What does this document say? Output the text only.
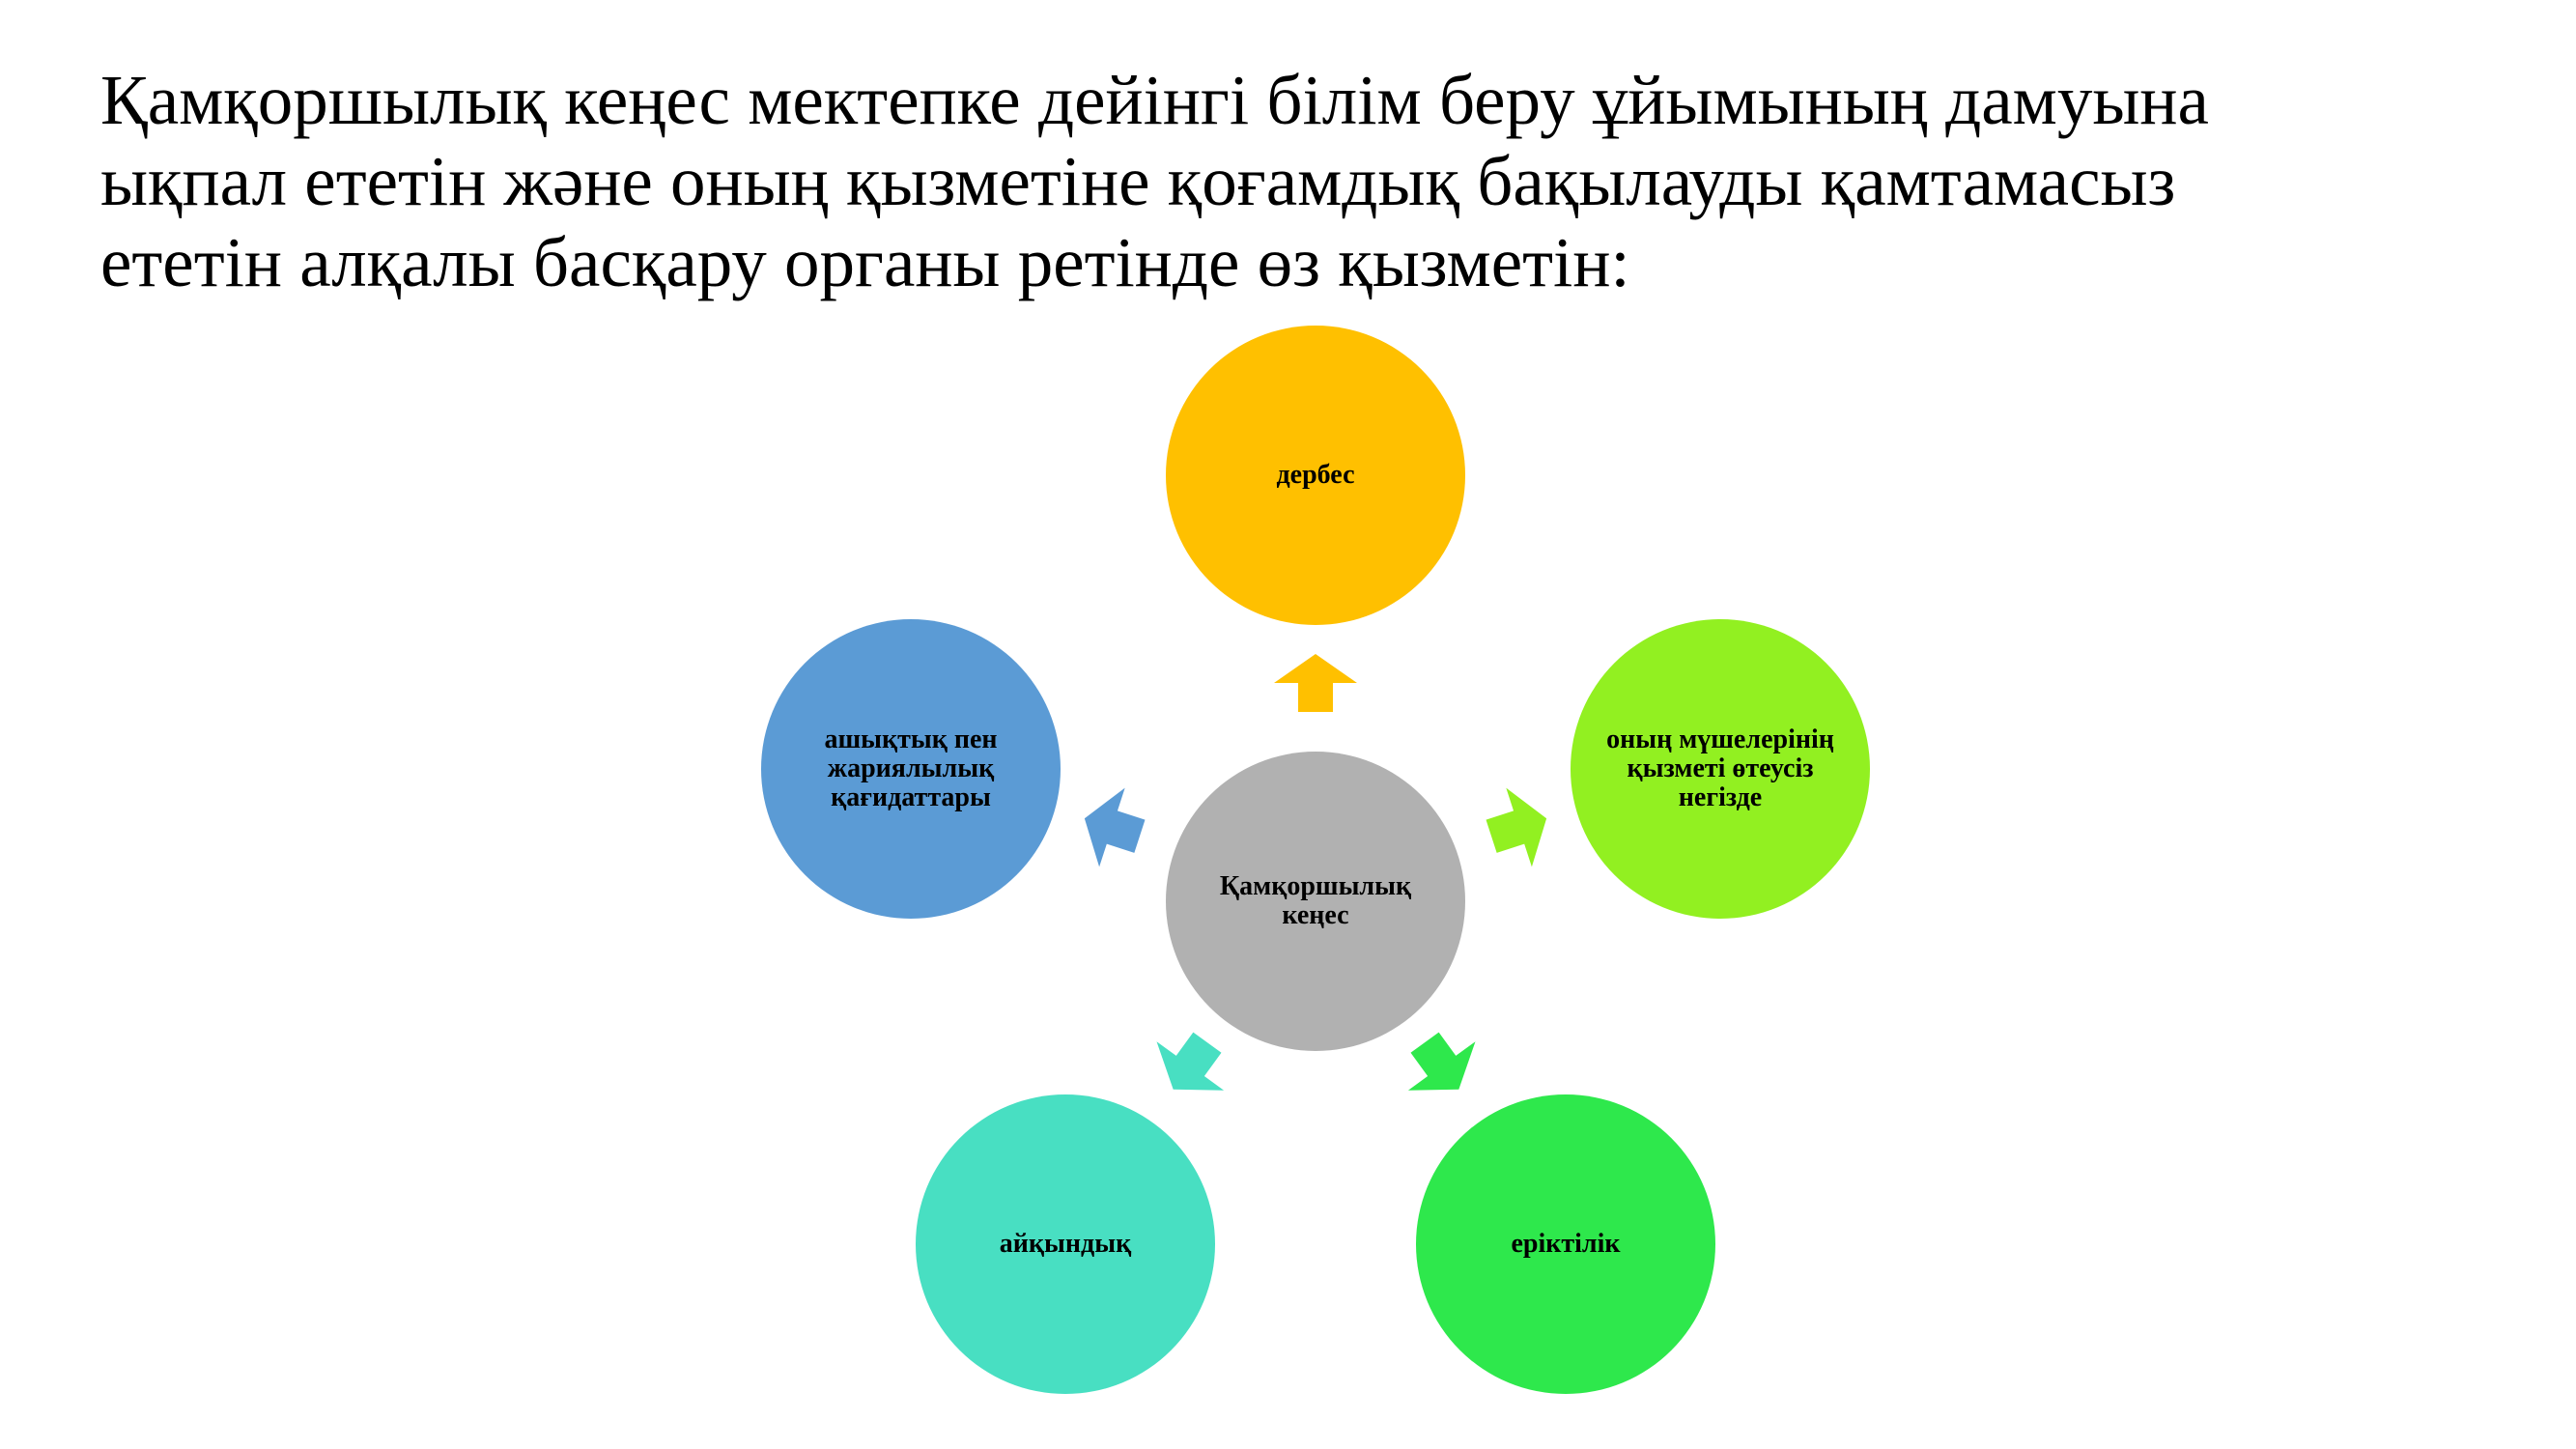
Қамқоршылық кеңес мектепке дейінгі білім беру ұйымының дамуына
ықпал ететін және оның қызметіне қоғамдық бақылауды қамтамасыз
ететін алқалы басқару органы ретінде өз қызметін:
Қамқоршылық кеңес
дербес
оның мүшелерінің қызметі өтеусіз негізде
еріктілік
айқындық
ашықтық пен жариялылық қағидаттары
